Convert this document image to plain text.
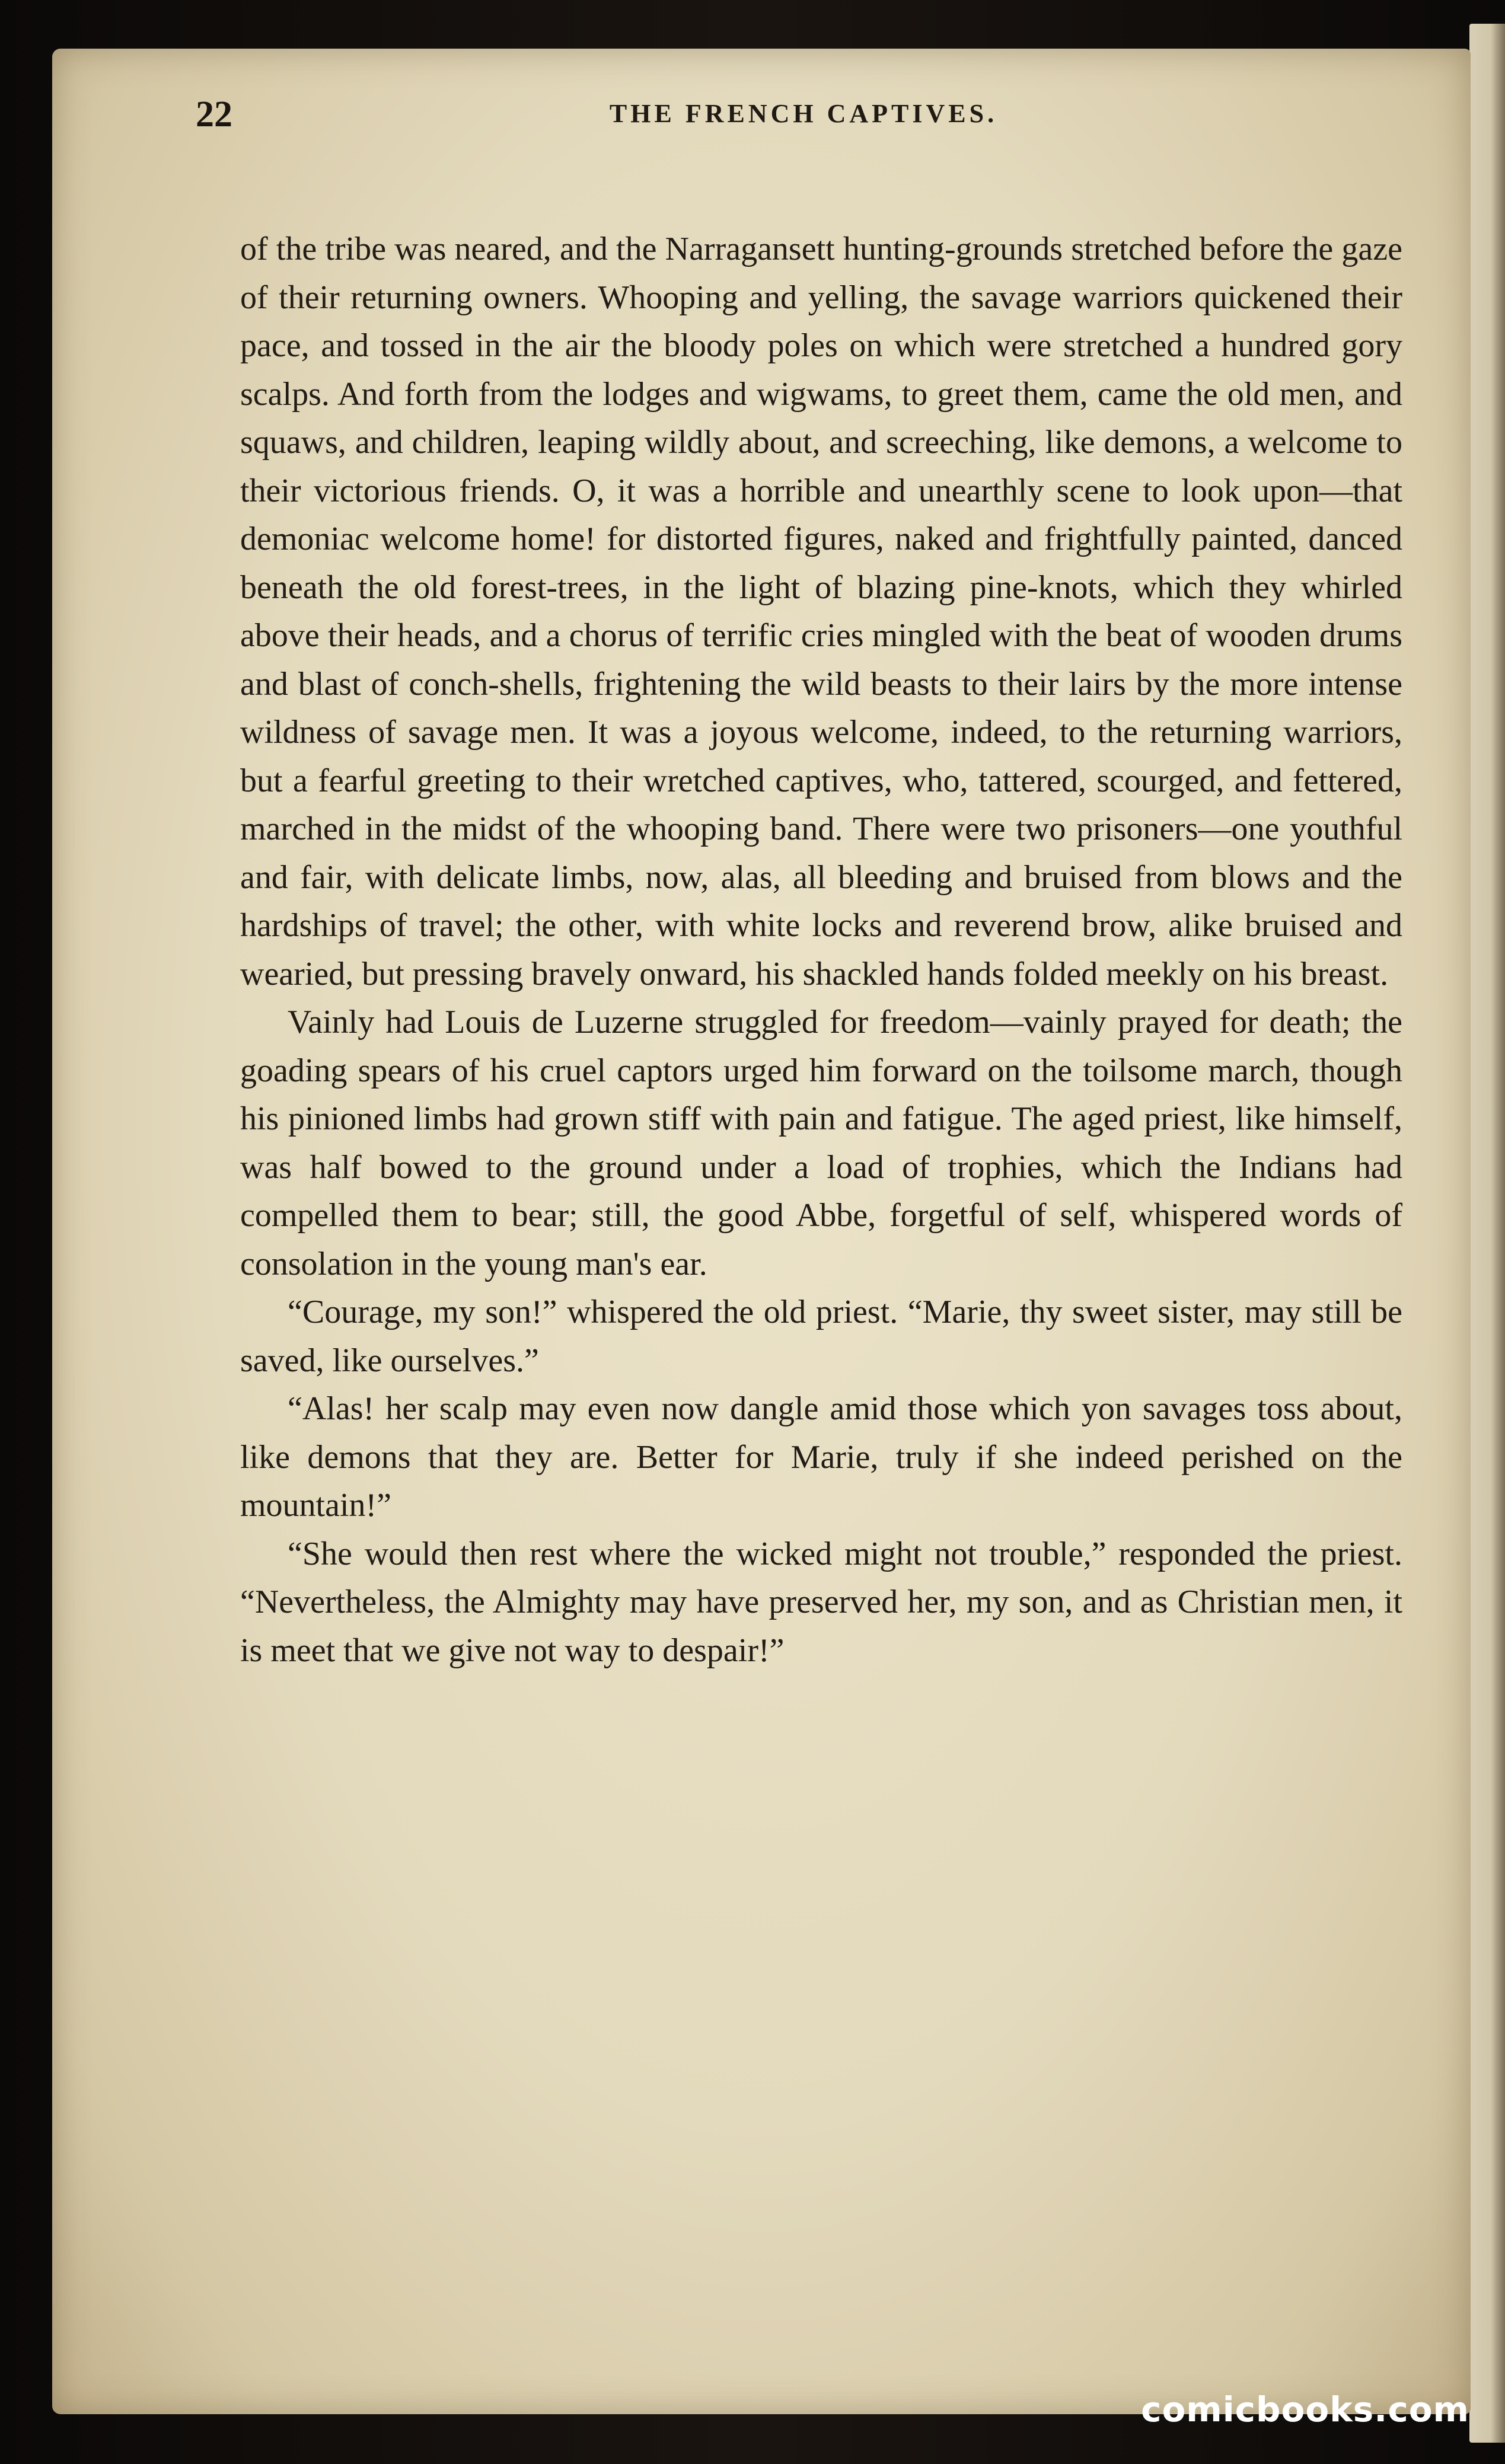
22	THE FRENCH CAPTIVES.

of the tribe was neared, and the Narragansett hunting-grounds stretched before the gaze of their returning owners. Whooping and yelling, the savage warriors quickened their pace, and tossed in the air the bloody poles on which were stretched a hundred gory scalps. And forth from the lodges and wigwams, to greet them, came the old men, and squaws, and children, leaping wildly about, and screeching, like demons, a welcome to their victorious friends. O, it was a horrible and unearthly scene to look upon—that demoniac welcome home! for distorted figures, naked and frightfully painted, danced beneath the old forest-trees, in the light of blazing pine-knots, which they whirled above their heads, and a chorus of terrific cries mingled with the beat of wooden drums and blast of conch-shells, frightening the wild beasts to their lairs by the more intense wildness of savage men. It was a joyous welcome, indeed, to the returning warriors, but a fearful greeting to their wretched captives, who, tattered, scourged, and fettered, marched in the midst of the whooping band. There were two prisoners—one youthful and fair, with delicate limbs, now, alas, all bleeding and bruised from blows and the hardships of travel; the other, with white locks and reverend brow, alike bruised and wearied, but pressing bravely onward, his shackled hands folded meekly on his breast.

Vainly had Louis de Luzerne struggled for freedom—vainly prayed for death; the goading spears of his cruel captors urged him forward on the toilsome march, though his pinioned limbs had grown stiff with pain and fatigue. The aged priest, like himself, was half bowed to the ground under a load of trophies, which the Indians had compelled them to bear; still, the good Abbe, forgetful of self, whispered words of consolation in the young man's ear.

“Courage, my son!” whispered the old priest. “Marie, thy sweet sister, may still be saved, like ourselves.”

“Alas! her scalp may even now dangle amid those which yon savages toss about, like demons that they are. Better for Marie, truly if she indeed perished on the mountain!”

“She would then rest where the wicked might not trouble,” responded the priest. “Nevertheless, the Almighty may have preserved her, my son, and as Christian men, it is meet that we give not way to despair!”

comicbooks.com
